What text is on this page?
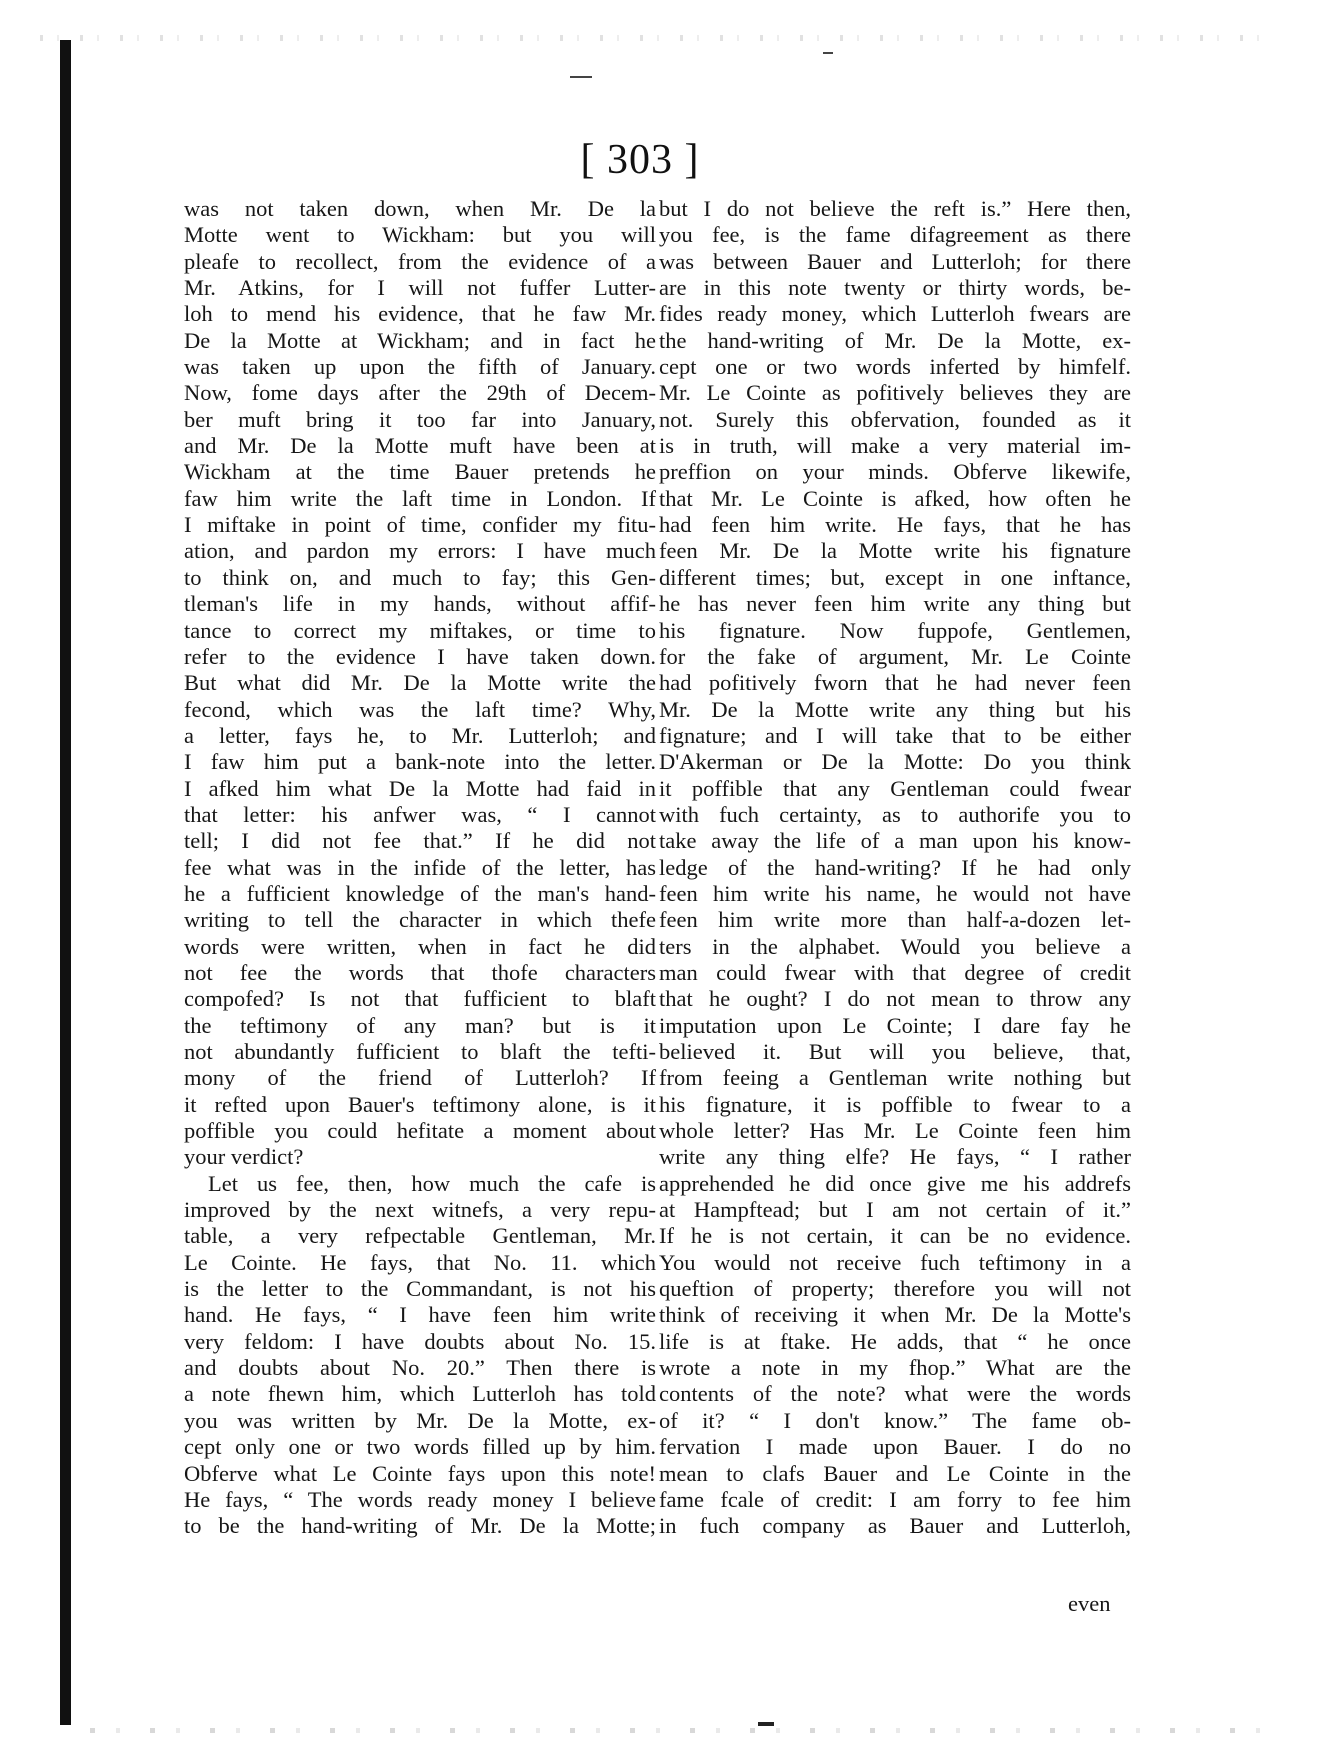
[ 303 ]
was not taken down, when Mr. De la
Motte went to Wickham: but you will
pleafe to recollect, from the evidence of a
Mr. Atkins, for I will not fuffer Lutter-
loh to mend his evidence, that he faw Mr.
De la Motte at Wickham; and in fact he
was taken up upon the fifth of January.
Now, fome days after the 29th of Decem-
ber muft bring it too far into January,
and Mr. De la Motte muft have been at
Wickham at the time Bauer pretends he
faw him write the laft time in London. If
I miftake in point of time, confider my fitu-
ation, and pardon my errors: I have much
to think on, and much to fay; this Gen-
tleman's life in my hands, without affif-
tance to correct my miftakes, or time to
refer to the evidence I have taken down.
But what did Mr. De la Motte write the
fecond, which was the laft time? Why,
a letter, fays he, to Mr. Lutterloh; and
I faw him put a bank-note into the letter.
I afked him what De la Motte had faid in
that letter: his anfwer was, “ I cannot
tell; I did not fee that.” If he did not
fee what was in the infide of the letter, has
he a fufficient knowledge of the man's hand-
writing to tell the character in which thefe
words were written, when in fact he did
not fee the words that thofe characters
compofed? Is not that fufficient to blaft
the teftimony of any man? but is it
not abundantly fufficient to blaft the tefti-
mony of the friend of Lutterloh? If
it refted upon Bauer's teftimony alone, is it
poffible you could hefitate a moment about
your verdict?
Let us fee, then, how much the cafe is
improved by the next witnefs, a very repu-
table, a very refpectable Gentleman, Mr.
Le Cointe. He fays, that No. 11. which
is the letter to the Commandant, is not his
hand. He fays, “ I have feen him write
very feldom: I have doubts about No. 15.
and doubts about No. 20.” Then there is
a note fhewn him, which Lutterloh has told
you was written by Mr. De la Motte, ex-
cept only one or two words filled up by him.
Obferve what Le Cointe fays upon this note!
He fays, “ The words ready money I believe
to be the hand-writing of Mr. De la Motte;
but I do not believe the reft is.” Here then,
you fee, is the fame difagreement as there
was between Bauer and Lutterloh; for there
are in this note twenty or thirty words, be-
fides ready money, which Lutterloh fwears are
the hand-writing of Mr. De la Motte, ex-
cept one or two words inferted by himfelf.
Mr. Le Cointe as pofitively believes they are
not. Surely this obfervation, founded as it
is in truth, will make a very material im-
preffion on your minds. Obferve likewife,
that Mr. Le Cointe is afked, how often he
had feen him write. He fays, that he has
feen Mr. De la Motte write his fignature
different times; but, except in one inftance,
he has never feen him write any thing but
his fignature. Now fuppofe, Gentlemen,
for the fake of argument, Mr. Le Cointe
had pofitively fworn that he had never feen
Mr. De la Motte write any thing but his
fignature; and I will take that to be either
D'Akerman or De la Motte: Do you think
it poffible that any Gentleman could fwear
with fuch certainty, as to authorife you to
take away the life of a man upon his know-
ledge of the hand-writing? If he had only
feen him write his name, he would not have
feen him write more than half-a-dozen let-
ters in the alphabet. Would you believe a
man could fwear with that degree of credit
that he ought? I do not mean to throw any
imputation upon Le Cointe; I dare fay he
believed it. But will you believe, that,
from feeing a Gentleman write nothing but
his fignature, it is poffible to fwear to a
whole letter? Has Mr. Le Cointe feen him
write any thing elfe? He fays, “ I rather
apprehended he did once give me his addrefs
at Hampftead; but I am not certain of it.”
If he is not certain, it can be no evidence.
You would not receive fuch teftimony in a
queftion of property; therefore you will not
think of receiving it when Mr. De la Motte's
life is at ftake. He adds, that “ he once
wrote a note in my fhop.” What are the
contents of the note? what were the words
of it? “ I don't know.” The fame ob-
fervation I made upon Bauer. I do no
mean to clafs Bauer and Le Cointe in the
fame fcale of credit: I am forry to fee him
in fuch company as Bauer and Lutterloh,
even
